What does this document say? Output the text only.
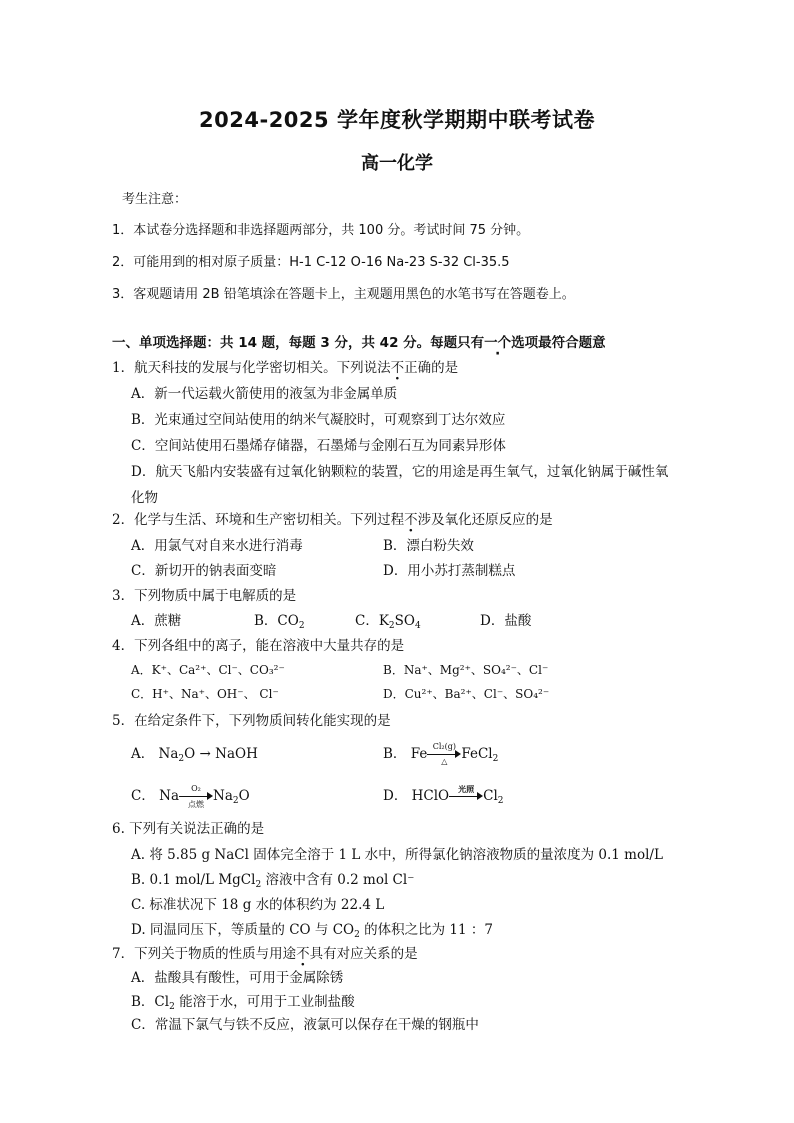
2024-2025 学年度秋学期期中联考试卷
高一化学
考生注意：
1．本试卷分选择题和非选择题两部分，共 100 分。考试时间 75 分钟。
2．可能用到的相对原子质量：H-1 C-12 O-16 Na-23 S-32 Cl-35.5
3．客观题请用 2B 铅笔填涂在答题卡上，主观题用黑色的水笔书写在答题卷上。
一、单项选择题：共 14 题，每题 3 分，共 42 分。每题只有一个选项最符合题意
1．航天科技的发展与化学密切相关。下列说法不正确的是
A．新一代运载火箭使用的液氢为非金属单质
B．光束通过空间站使用的纳米气凝胶时，可观察到丁达尔效应
C．空间站使用石墨烯存储器，石墨烯与金刚石互为同素异形体
D．航天飞船内安装盛有过氧化钠颗粒的装置，它的用途是再生氧气，过氧化钠属于碱性氧
化物
2．化学与生活、环境和生产密切相关。下列过程不涉及氧化还原反应的是
A．用氯气对自来水进行消毒	B．漂白粉失效
C．新切开的钠表面变暗	D．用小苏打蒸制糕点
3．下列物质中属于电解质的是
A．蔗糖	B．$CO_2$	C．$K_2SO_4$	D．盐酸
4．下列各组中的离子，能在溶液中大量共存的是
A．K⁺、Ca²⁺、Cl⁻、CO₃²⁻	B．Na⁺、Mg²⁺、SO₄²⁻、Cl⁻
C．H⁺、Na⁺、OH⁻、 Cl⁻	D．Cu²⁺、Ba²⁺、Cl⁻、SO₄²⁻
5．在给定条件下，下列物质间转化能实现的是
A． $Na_2O$ → NaOH	B． Fe Cl₂(g)
△	FeCl$_2$
C． Na	O₂
点燃 $Na_2O$	D． HClO	光照 $Cl_2$
6. 下列有关说法正确的是
A. 将 5.85 g NaCl 固体完全溶于 1 L 水中，所得氯化钠溶液物质的量浓度为 0.1 mol/L
B. 0.1 mol/L MgCl$_2$ 溶液中含有 0.2 mol Cl⁻
C. 标准状况下 18 g 水的体积约为 22.4 L
D. 同温同压下，等质量的 CO 与 $CO_2$ 的体积之比为 11 ：7
7．下列关于物质的性质与用途不具有对应关系的是
A．盐酸具有酸性，可用于金属除锈
B．$Cl_2$ 能溶于水，可用于工业制盐酸
C．常温下氯气与铁不反应，液氯可以保存在干燥的钢瓶中
